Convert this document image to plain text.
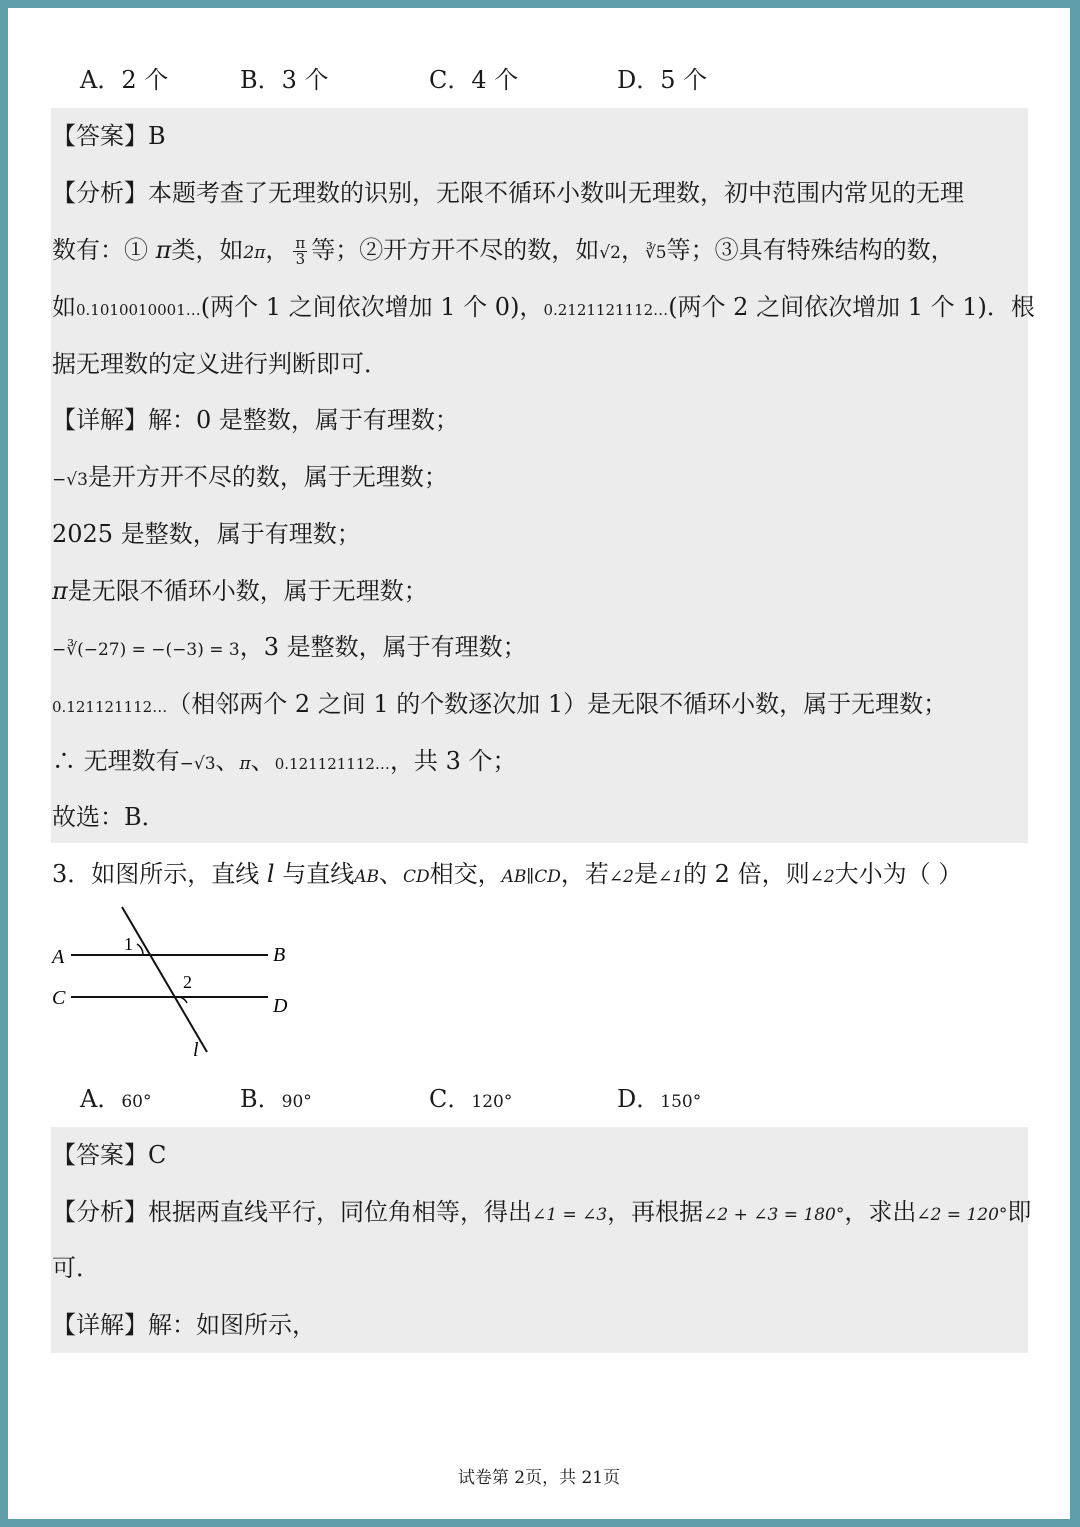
A．2 个	B．3 个	C．4 个	D．5 个
【答案】B
【分析】本题考查了无理数的识别，无限不循环小数叫无理数，初中范围内常见的无理
数有：① π类，如2π， $\frac{\pi}{3}$ 等；②开方开不尽的数，如√2，∛5等；③具有特殊结构的数，
如0.1010010001…(两个 1 之间依次增加 1 个 0)，0.2121121112…(两个 2 之间依次增加 1 个 1)．根
据无理数的定义进行判断即可．
【详解】解：0 是整数，属于有理数；
−√3是开方开不尽的数，属于无理数；
2025 是整数，属于有理数；
π是无限不循环小数，属于无理数；
−∛(−27) = −(−3) = 3，3 是整数，属于有理数；
0.121121112…（相邻两个 2 之间 1 的个数逐次加 1）是无限不循环小数，属于无理数；
∴ 无理数有−√3、π、0.121121112…，共 3 个；
故选：B．
3．如图所示，直线 l 与直线AB、CD相交，AB∥CD，若∠2是∠1的 2 倍，则∠2大小为（ ）
A	B
C	D
l
1
2
A．60°	B．90°	C．120°	D．150°
【答案】C
【分析】根据两直线平行，同位角相等，得出∠1 = ∠3，再根据∠2 + ∠3 = 180°，求出∠2 = 120°即
可．
【详解】解：如图所示，
试卷第 2页，共 21页
